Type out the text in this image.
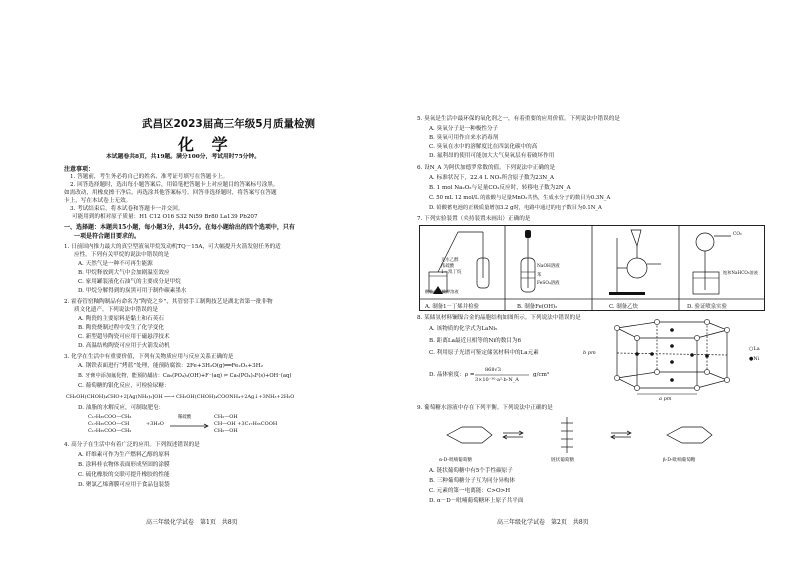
武昌区2023届高三年级5月质量检测
化 学
本试题卷共8页，共19题。满分100分，考试用时75分钟。
注意事项：
1. 答题前，考生务必将自己的姓名、准考证号填写在答题卡上。
2. 回答选择题时，选出每小题答案后，用铅笔把答题卡上对应题目的答案标号涂黑。
如需改动，用橡皮擦干净后，再选涂其他答案标号。回答非选择题时，将答案写在答题
卡上，写在本试卷上无效。
3. 考试结束后，将本试卷和答题卡一并交回。
可能用到的相对原子质量：H1 C12 O16 S32 Ni59 Br80 La139 Pb207
一、选择题：本题共15小题，每小题3分，共45分。在每小题给出的四个选项中，只有
一项是符合题目要求的。
1. 日前国内推力最大的真空型液氧甲烷发动机TQ－15A，可大幅提升火箭发射任务的适
应性。下列有关甲烷的说法中错误的是
A. 天然气是一种不可再生能源
B. 甲烷释放到大气中会加剧温室效应
C. 家用罐装液化石油气的主要成分是甲烷
D. 甲烷分解得到的炭黑可用于制作碳素墨水
2. 霍春管窑釉陶制品有命名为“陶瓷之乡”，其管窑手工制陶技艺是湖北省第一批非物
质文化遗产。下列说法中错误的是
A. 陶瓷的主要原料是黏土和石英石
B. 陶瓷烧制过程中发生了化学变化
C. 新型超导陶瓷可应用于磁悬浮技术
D. 高温结构陶瓷可应用于火箭发动机
3. 化学在生活中有重要价值，下列有关物质应用与反应关系正确的是
A. 钢铁表面进行“烤蓝”处理，能预防腐蚀：2Fe+3H₂O(g)══Fe₂O₃+3H₂
B. 牙膏中添加氟化物，能预防龋齿：Ca₅(PO₄)₃(OH)+F⁻(aq) ⇌ Ca₅(PO₄)₃F(s)+OH⁻(aq)
C. 葡萄糖的银化反应，可检验尿糖：
CH₂OH(CHOH)₄CHO+2[Ag(NH₃)₂]OH ──→ CH₂OH(CHOH)₄COONH₄+2Ag↓+3NH₃+2H₂O
D. 油脂的水解反应，可制取肥皂：
C₁₇H₃₅COO—CH₂
C₁₇H₃₅COO—CH
C₁₇H₃₅COO—CH₂
+3H₂O
稀硫酸	CH₂—OH
CH—OH +3C₁₇H₃₅COOH
CH₂—OH
4. 高分子在生活中有着广泛的应用。下列叙述错误的是
A. 纤维素可作为生产燃料乙醇的原料
B. 涂料桂衣物体表面形成坚固的涂膜
C. 硫化橡胶的交联可提升橡胶的性能
D. 聚氯乙烯薄膜可应用于食品包装袋
高三年级化学试卷　第1页　共8页
5. 臭氧是生活中最环保的氧化剂之一，有着重要的应用价值。下列说法中错误的是
A. 臭氧分子是一种极性分子
B. 臭氧可用作自来水消毒剂
C. 臭氧在水中的溶解度比在四氯化碳中的高
D. 氟利昂的使用可能加大大气臭氧层有着破坏作用
6. 设N_A 为阿伏加德罗常数的值。下列说法中正确的是
A. 标准状况下，22.4 L NO₂所含原子数为23N_A
B. 1 mol Na₂O₂与足量CO₂反应时，转移电子数为2N_A
C. 50 mL 12 mol/L 的盐酸与足量MnO₂共热，生成水分子的数目为0.3N_A
D. 铅酸蓄电池的正极质量增加3.2 g时，电路中通过的电子数目为0.1N_A
7. 下列实验装置（夹持装置未画出）正确的是
无水乙醇
浓硫酸
1－溴丁烷
酸性高锰酸钾溶液
NaOH溶液
苯
FeSO₄溶液
CO₂
饱和NaHCO₃溶液
A. 制备1－丁烯并检验	B. 制备Fe(OH)₂	C. 制备乙炔	D. 验证喷泉实验
8. 某储氢材料镧镍合金的晶胞结构如图所示。下列说法中错误的是
A. 该物质的化学式为LaNi₅
B. 距离La最近且相等的Ni的数目为6
C. 利用原子光谱可鉴定储氢材料中的La元素
D. 晶体密度：ρ =
868√3
3×10⁻³⁰·a²·b·N_A
g/cm³
b pm
a pm
○La
●Ni
9. 葡萄糖水溶液中存在下列平衡。下列说法中正确的是
α-D-吡喃葡萄糖	链状葡萄糖	β-D-吡喃葡萄糖
A. 链状葡萄糖中有5个手性碳原子
B. 三种葡萄糖分子互为同分异构体
C. 元素的第一电离能：C>O>H
D. α－D－吡喃葡萄糖环上原子共平面
高三年级化学试卷　第2页　共8页
